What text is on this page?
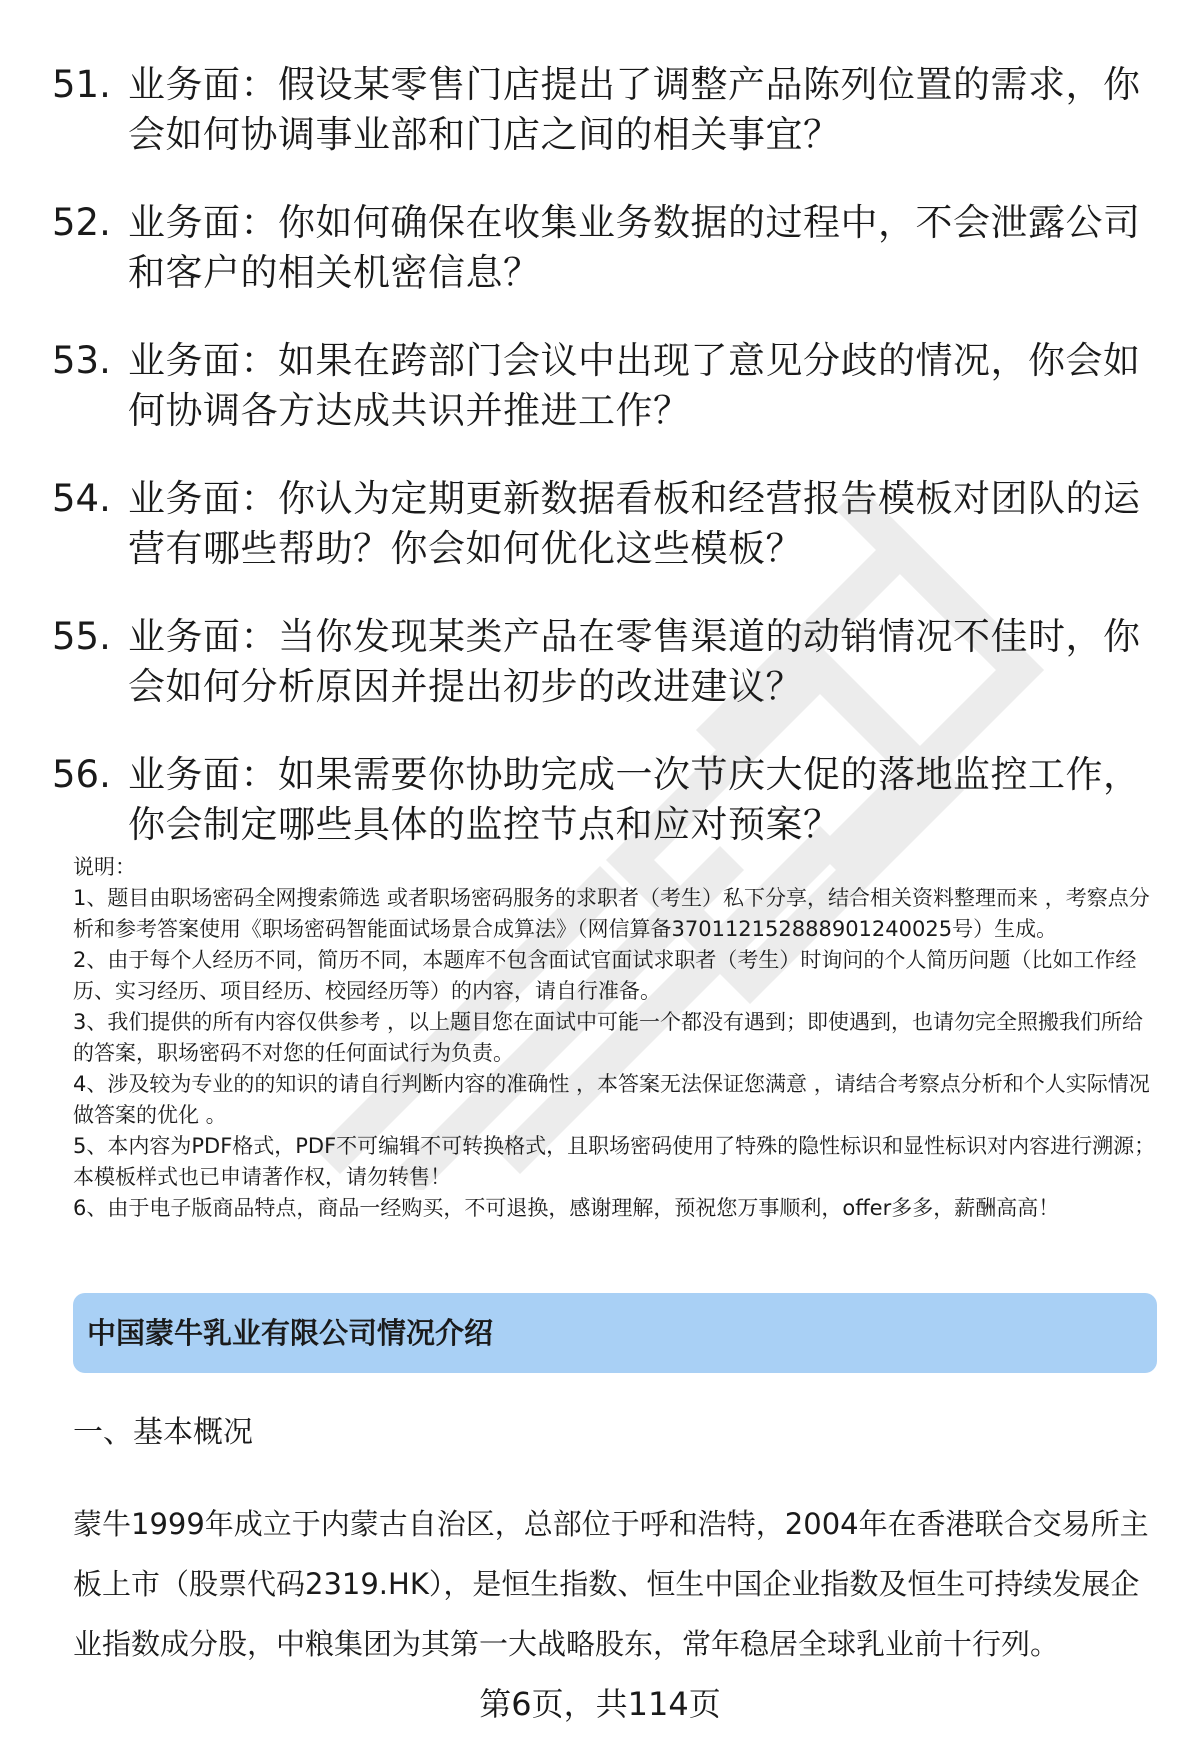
51. 业务面：假设某零售门店提出了调整产品陈列位置的需求，你会如何协调事业部和门店之间的相关事宜？
52. 业务面：你如何确保在收集业务数据的过程中，不会泄露公司和客户的相关机密信息？
53. 业务面：如果在跨部门会议中出现了意见分歧的情况，你会如何协调各方达成共识并推进工作？
54. 业务面：你认为定期更新数据看板和经营报告模板对团队的运营有哪些帮助？你会如何优化这些模板？
55. 业务面：当你发现某类产品在零售渠道的动销情况不佳时，你会如何分析原因并提出初步的改进建议？
56. 业务面：如果需要你协助完成一次节庆大促的落地监控工作，你会制定哪些具体的监控节点和应对预案？

说明：

1、题目由职场密码全网搜索筛选 或者职场密码服务的求职者（考生）私下分享，结合相关资料整理而来 ，考察点分析和参考答案使用《职场密码智能面试场景合成算法》（网信算备370112152888901240025号）生成。

2、由于每个人经历不同，简历不同，本题库不包含面试官面试求职者（考生）时询问的个人简历问题（比如工作经历、实习经历、项目经历、校园经历等）的内容，请自行准备。

3、我们提供的所有内容仅供参考 ，以上题目您在面试中可能一个都没有遇到；即使遇到，也请勿完全照搬我们所给的答案，职场密码不对您的任何面试行为负责。

4、涉及较为专业的的知识的请自行判断内容的准确性 ，本答案无法保证您满意 ，请结合考察点分析和个人实际情况做答案的优化 。

5、本内容为PDF格式，PDF不可编辑不可转换格式，且职场密码使用了特殊的隐性标识和显性标识对内容进行溯源；本模板样式也已申请著作权，请勿转售！

6、由于电子版商品特点，商品一经购买，不可退换，感谢理解，预祝您万事顺利，offer多多，薪酬高高！

中国蒙牛乳业有限公司情况介绍
一、基本概况
蒙牛1999年成立于内蒙古自治区，总部位于呼和浩特，2004年在香港联合交易所主板上市（股票代码2319.HK），是恒生指数、恒生中国企业指数及恒生可持续发展企业指数成分股，中粮集团为其第一大战略股东，常年稳居全球乳业前十行列。
第6页，共114页
